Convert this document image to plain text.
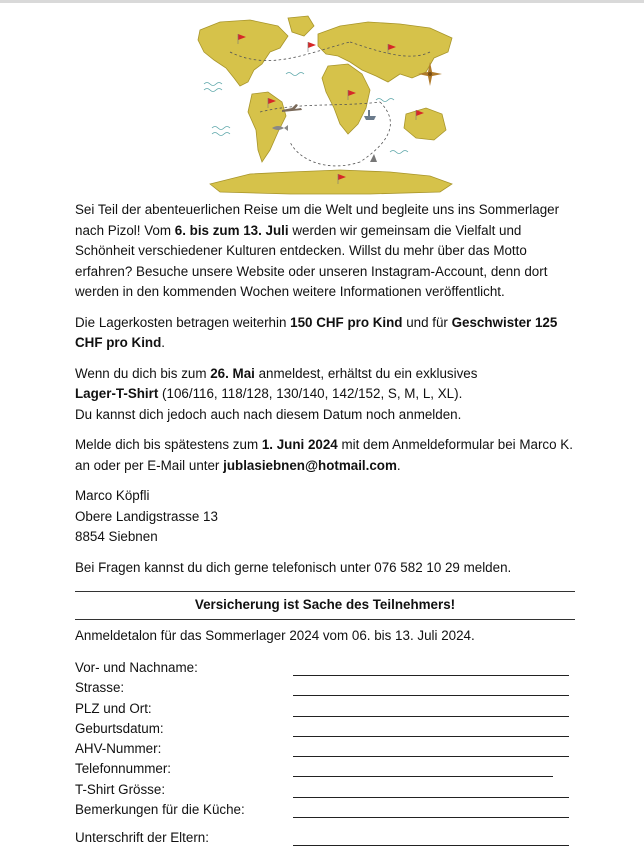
Sei Teil der abenteuerlichen Reise um die Welt und begleite uns ins Sommerlager nach Pizol! Vom 6. bis zum 13. Juli werden wir gemeinsam die Vielfalt und Schönheit verschiedener Kulturen entdecken. Willst du mehr über das Motto erfahren? Besuche unsere Website oder unseren Instagram-Account, denn dort werden in den kommenden Wochen weitere Informationen veröffentlicht.

Die Lagerkosten betragen weiterhin 150 CHF pro Kind und für Geschwister 125 CHF pro Kind.

Wenn du dich bis zum 26. Mai anmeldest, erhältst du ein exklusives
Lager-T-Shirt (106/116, 118/128, 130/140, 142/152, S, M, L, XL).
Du kannst dich jedoch auch nach diesem Datum noch anmelden.

Melde dich bis spätestens zum 1. Juni 2024 mit dem Anmeldeformular bei Marco K. an oder per E-Mail unter jublasiebnen@hotmail.com.

Marco Köpfli
Obere Landigstrasse 13
8854 Siebnen

Bei Fragen kannst du dich gerne telefonisch unter 076 582 10 29 melden.

Versicherung ist Sache des Teilnehmers!
Anmeldetalon für das Sommerlager 2024 vom 06. bis 13. Juli 2024.
Vor- und Nachname:
Strasse:
PLZ und Ort:
Geburtsdatum:
AHV-Nummer:
Telefonnummer:
T-Shirt Grösse:
Bemerkungen für die Küche:
Unterschrift der Eltern:
